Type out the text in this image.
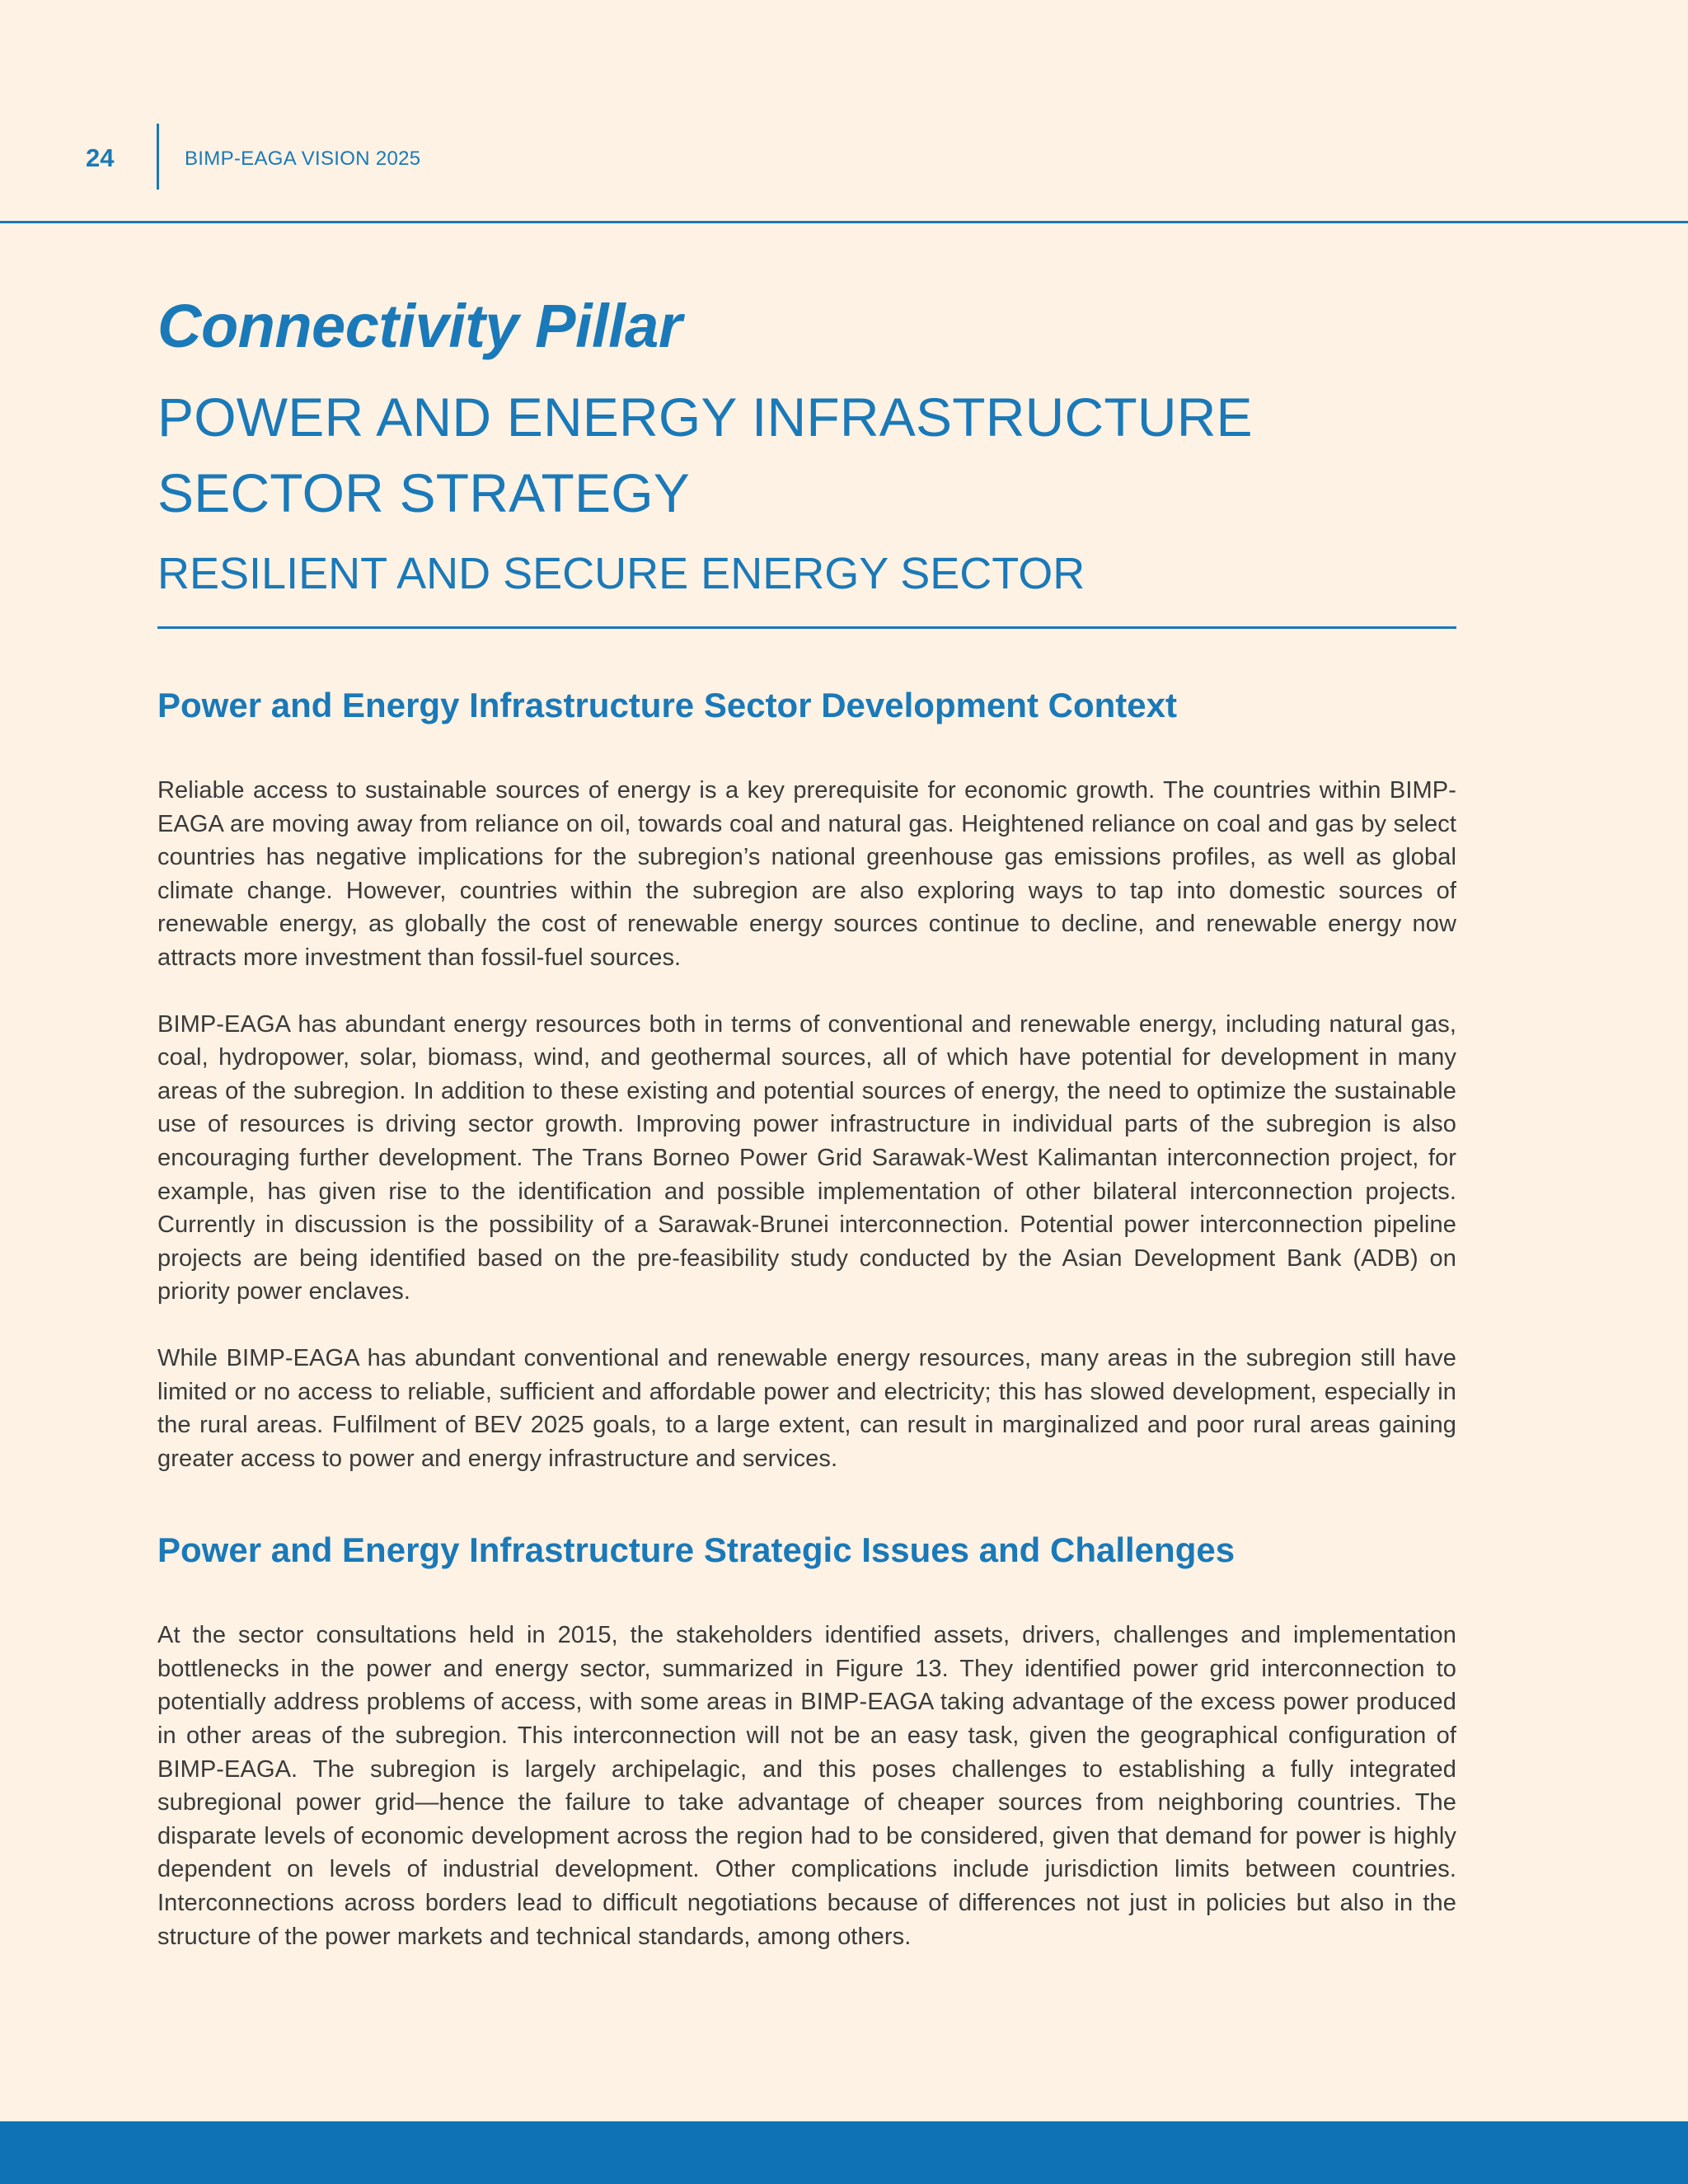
24	BIMP-EAGA VISION 2025
Connectivity Pillar
POWER AND ENERGY INFRASTRUCTURE
SECTOR STRATEGY
RESILIENT AND SECURE ENERGY SECTOR
Power and Energy Infrastructure Sector Development Context

Reliable access to sustainable sources of energy is a key prerequisite for economic growth. The countries within BIMP-EAGA are moving away from reliance on oil, towards coal and natural gas. Heightened reliance on coal and gas by select countries has negative implications for the subregion’s national greenhouse gas emissions profiles, as well as global climate change. However, countries within the subregion are also exploring ways to tap into domestic sources of renewable energy, as globally the cost of renewable energy sources continue to decline, and renewable energy now attracts more investment than fossil-fuel sources.

BIMP-EAGA has abundant energy resources both in terms of conventional and renewable energy, including natural gas, coal, hydropower, solar, biomass, wind, and geothermal sources, all of which have potential for development in many areas of the subregion. In addition to these existing and potential sources of energy, the need to optimize the sustainable use of resources is driving sector growth. Improving power infrastructure in individual parts of the subregion is also encouraging further development. The Trans Borneo Power Grid Sarawak-West Kalimantan interconnection project, for example, has given rise to the identification and possible implementation of other bilateral interconnection projects. Currently in discussion is the possibility of a Sarawak-Brunei interconnection. Potential power interconnection pipeline projects are being identified based on the pre-feasibility study conducted by the Asian Development Bank (ADB) on priority power enclaves.

While BIMP-EAGA has abundant conventional and renewable energy resources, many areas in the subregion still have limited or no access to reliable, sufficient and affordable power and electricity; this has slowed development, especially in the rural areas. Fulfilment of BEV 2025 goals, to a large extent, can result in marginalized and poor rural areas gaining greater access to power and energy infrastructure and services.

Power and Energy Infrastructure Strategic Issues and Challenges

At the sector consultations held in 2015, the stakeholders identified assets, drivers, challenges and implementation bottlenecks in the power and energy sector, summarized in Figure 13. They identified power grid interconnection to potentially address problems of access, with some areas in BIMP-EAGA taking advantage of the excess power produced in other areas of the subregion. This interconnection will not be an easy task, given the geographical configuration of BIMP-EAGA. The subregion is largely archipelagic, and this poses challenges to establishing a fully integrated subregional power grid—hence the failure to take advantage of cheaper sources from neighboring countries. The disparate levels of economic development across the region had to be considered, given that demand for power is highly dependent on levels of industrial development. Other complications include jurisdiction limits between countries. Interconnections across borders lead to difficult negotiations because of differences not just in policies but also in the structure of the power markets and technical standards, among others.
